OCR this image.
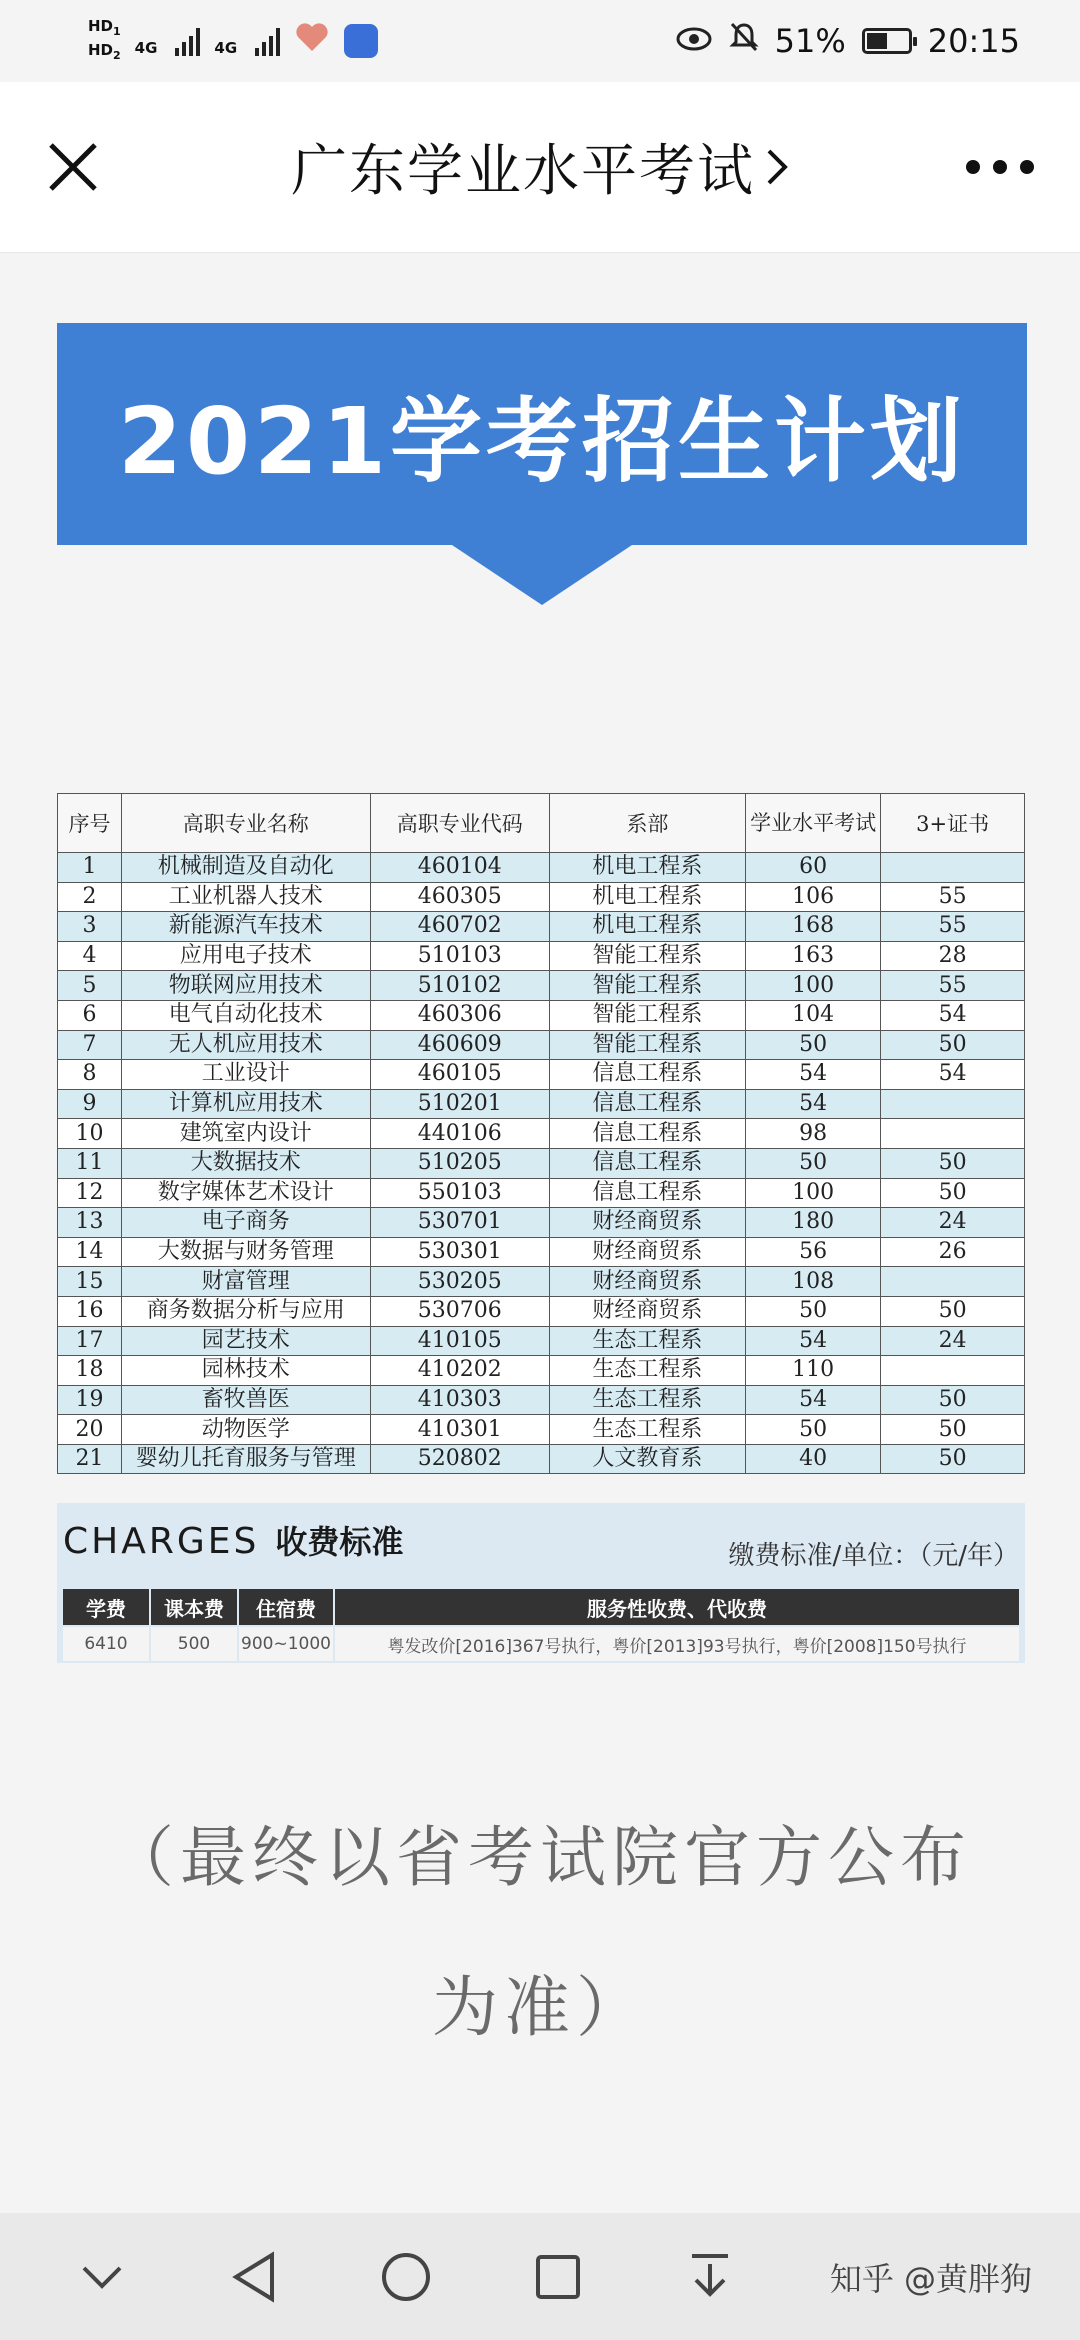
$HD_1$
$HD_2$ 4G	4G	51%	20:15
广东学业水平考试
2021学考招生计划
序号	高职专业名称	高职专业代码	系部	学业水平考试	3+证书
1	机械制造及自动化	460104	机电工程系	60	
2	工业机器人技术	460305	机电工程系	106	55
3	新能源汽车技术	460702	机电工程系	168	55
4	应用电子技术	510103	智能工程系	163	28
5	物联网应用技术	510102	智能工程系	100	55
6	电气自动化技术	460306	智能工程系	104	54
7	无人机应用技术	460609	智能工程系	50	50
8	工业设计	460105	信息工程系	54	54
9	计算机应用技术	510201	信息工程系	54	
10	建筑室内设计	440106	信息工程系	98	
11	大数据技术	510205	信息工程系	50	50
12	数字媒体艺术设计	550103	信息工程系	100	50
13	电子商务	530701	财经商贸系	180	24
14	大数据与财务管理	530301	财经商贸系	56	26
15	财富管理	530205	财经商贸系	108	
16	商务数据分析与应用	530706	财经商贸系	50	50
17	园艺技术	410105	生态工程系	54	24
18	园林技术	410202	生态工程系	110	
19	畜牧兽医	410303	生态工程系	54	50
20	动物医学	410301	生态工程系	50	50
21	婴幼儿托育服务与管理	520802	人文教育系	40	50
CHARGES 收费标准	缴费标准/单位：（元/年）
学费	课本费	住宿费	服务性收费、代收费
6410	500	900~1000	粤发改价[2016]367号执行，粤价[2013]93号执行，粤价[2008]150号执行
（最终以省考试院官方公布
为准）
知乎 @黄胖狗
